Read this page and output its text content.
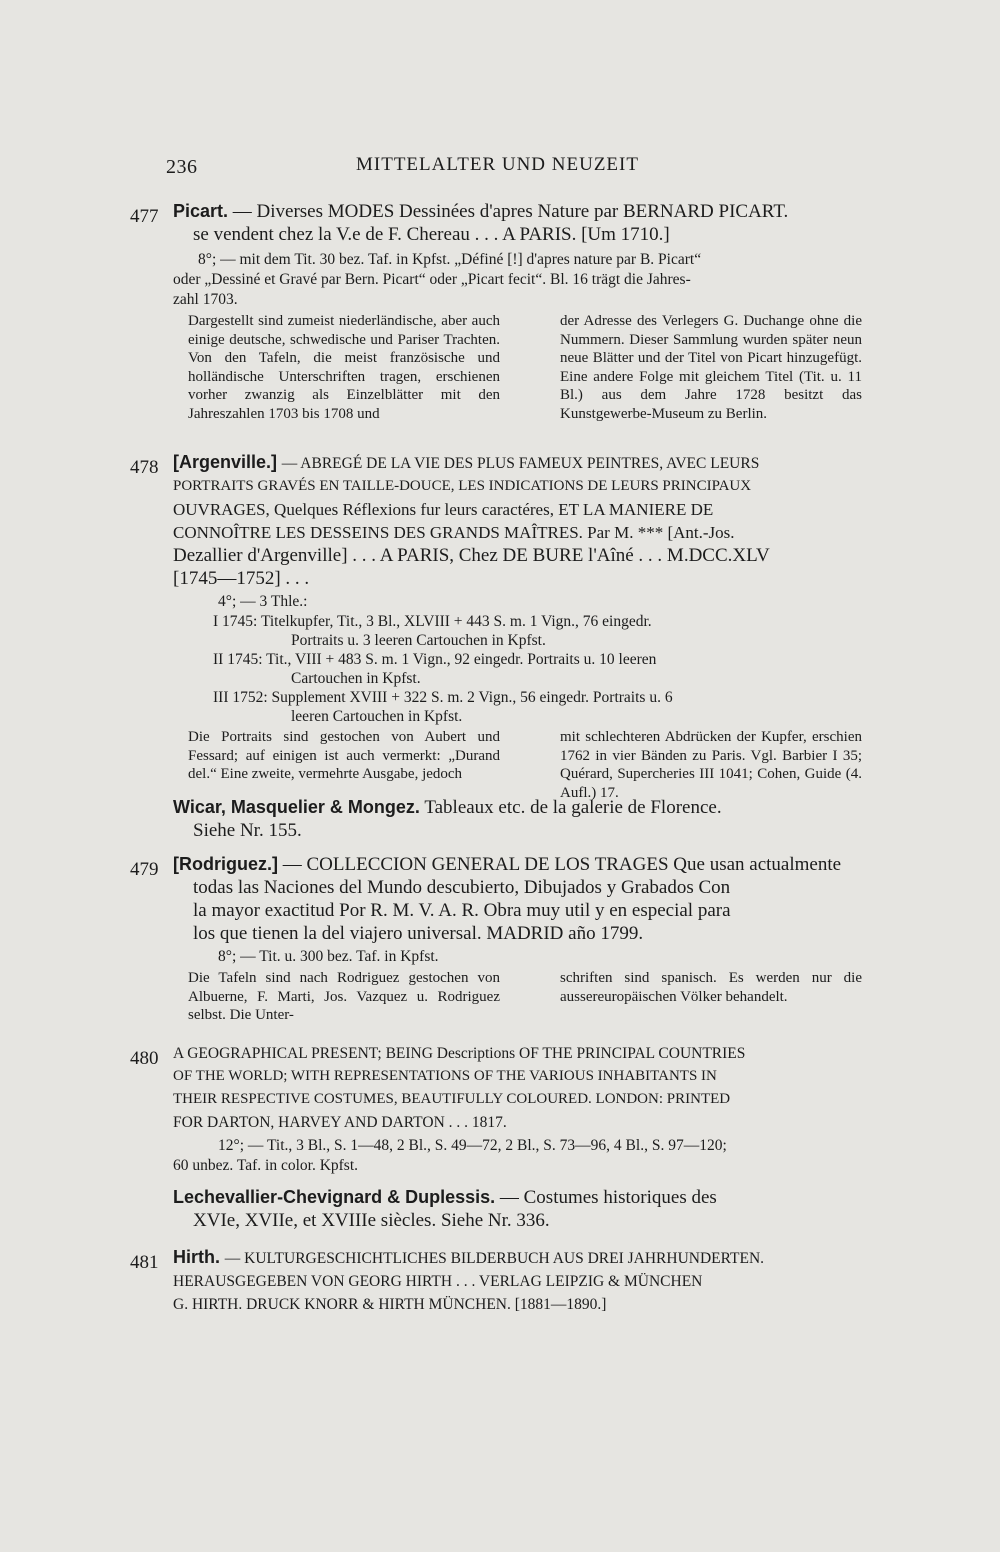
236	MITTELALTER UND NEUZEIT
477 Picart. — Diverses MODES Dessinées d'apres Nature par BERNARD PICART.

se vendent chez la V.e de F. Chereau . . . A PARIS. [Um 1710.]

8°; — mit dem Tit. 30 bez. Taf. in Kpfst. „Définé [!] d'apres nature par B. Picart“
oder „Dessiné et Gravé par Bern. Picart“ oder „Picart fecit“. Bl. 16 trägt die Jahres-
zahl 1703.
Dargestellt sind zumeist niederländische, aber auch einige deutsche, schwedische und Pariser Trachten. Von den Tafeln, die meist französische und holländische Unterschriften tragen, erschienen vorher zwanzig als Einzelblätter mit den Jahreszahlen 1703 bis 1708 und
der Adresse des Verlegers G. Duchange ohne die Nummern. Dieser Sammlung wurden später neun neue Blätter und der Titel von Picart hinzugefügt. Eine andere Folge mit gleichem Titel (Tit. u. 11 Bl.) aus dem Jahre 1728 besitzt das Kunstgewerbe-Museum zu Berlin.
478 [Argenville.] — ABREGÉ DE LA VIE DES PLUS FAMEUX PEINTRES, AVEC LEURS

PORTRAITS GRAVÉS EN TAILLE-DOUCE, LES INDICATIONS DE LEURS PRINCIPAUX

OUVRAGES, Quelques Réflexions fur leurs caractéres, ET LA MANIERE DE

CONNOÎTRE LES DESSEINS DES GRANDS MAÎTRES. Par M. *** [Ant.-Jos.

Dezallier d'Argenville] . . . A PARIS, Chez DE BURE l'Aîné . . . M.DCC.XLV

[1745—1752] . . .

4°; — 3 Thle.:
I 1745: Titelkupfer, Tit., 3 Bl., XLVIII + 443 S. m. 1 Vign., 76 eingedr.
Portraits u. 3 leeren Cartouchen in Kpfst.
II 1745: Tit., VIII + 483 S. m. 1 Vign., 92 eingedr. Portraits u. 10 leeren
Cartouchen in Kpfst.
III 1752: Supplement XVIII + 322 S. m. 2 Vign., 56 eingedr. Portraits u. 6
leeren Cartouchen in Kpfst.
Die Portraits sind gestochen von Aubert und Fessard; auf einigen ist auch vermerkt: „Durand del.“ Eine zweite, vermehrte Ausgabe, jedoch
mit schlechteren Abdrücken der Kupfer, erschien 1762 in vier Bänden zu Paris. Vgl. Barbier I 35; Quérard, Supercheries III 1041; Cohen, Guide (4. Aufl.) 17.
Wicar, Masquelier & Mongez. Tableaux etc. de la galerie de Florence.
Siehe Nr. 155.
479 [Rodriguez.] — COLLECCION GENERAL DE LOS TRAGES Que usan actualmente

todas las Naciones del Mundo descubierto, Dibujados y Grabados Con

la mayor exactitud Por R. M. V. A. R. Obra muy util y en especial para

los que tienen la del viajero universal. MADRID año 1799.

8°; — Tit. u. 300 bez. Taf. in Kpfst.
Die Tafeln sind nach Rodriguez gestochen von Albuerne, F. Marti, Jos. Vazquez u. Rodriguez selbst. Die Unter-
schriften sind spanisch. Es werden nur die aussereuropäischen Völker behandelt.
480 A GEOGRAPHICAL PRESENT; BEING Descriptions OF THE PRINCIPAL COUNTRIES

OF THE WORLD; WITH REPRESENTATIONS OF THE VARIOUS INHABITANTS IN

THEIR RESPECTIVE COSTUMES, BEAUTIFULLY COLOURED. LONDON: PRINTED

FOR DARTON, HARVEY AND DARTON . . . 1817.

12°; — Tit., 3 Bl., S. 1—48, 2 Bl., S. 49—72, 2 Bl., S. 73—96, 4 Bl., S. 97—120;
60 unbez. Taf. in color. Kpfst.
Lechevallier-Chevignard & Duplessis. — Costumes historiques des
XVIe, XVIIe, et XVIIIe siècles. Siehe Nr. 336.
481 Hirth. — KULTURGESCHICHTLICHES BILDERBUCH AUS DREI JAHRHUNDERTEN.

HERAUSGEGEBEN VON GEORG HIRTH . . . VERLAG LEIPZIG & MÜNCHEN

G. HIRTH. DRUCK KNORR & HIRTH MÜNCHEN. [1881—1890.]
